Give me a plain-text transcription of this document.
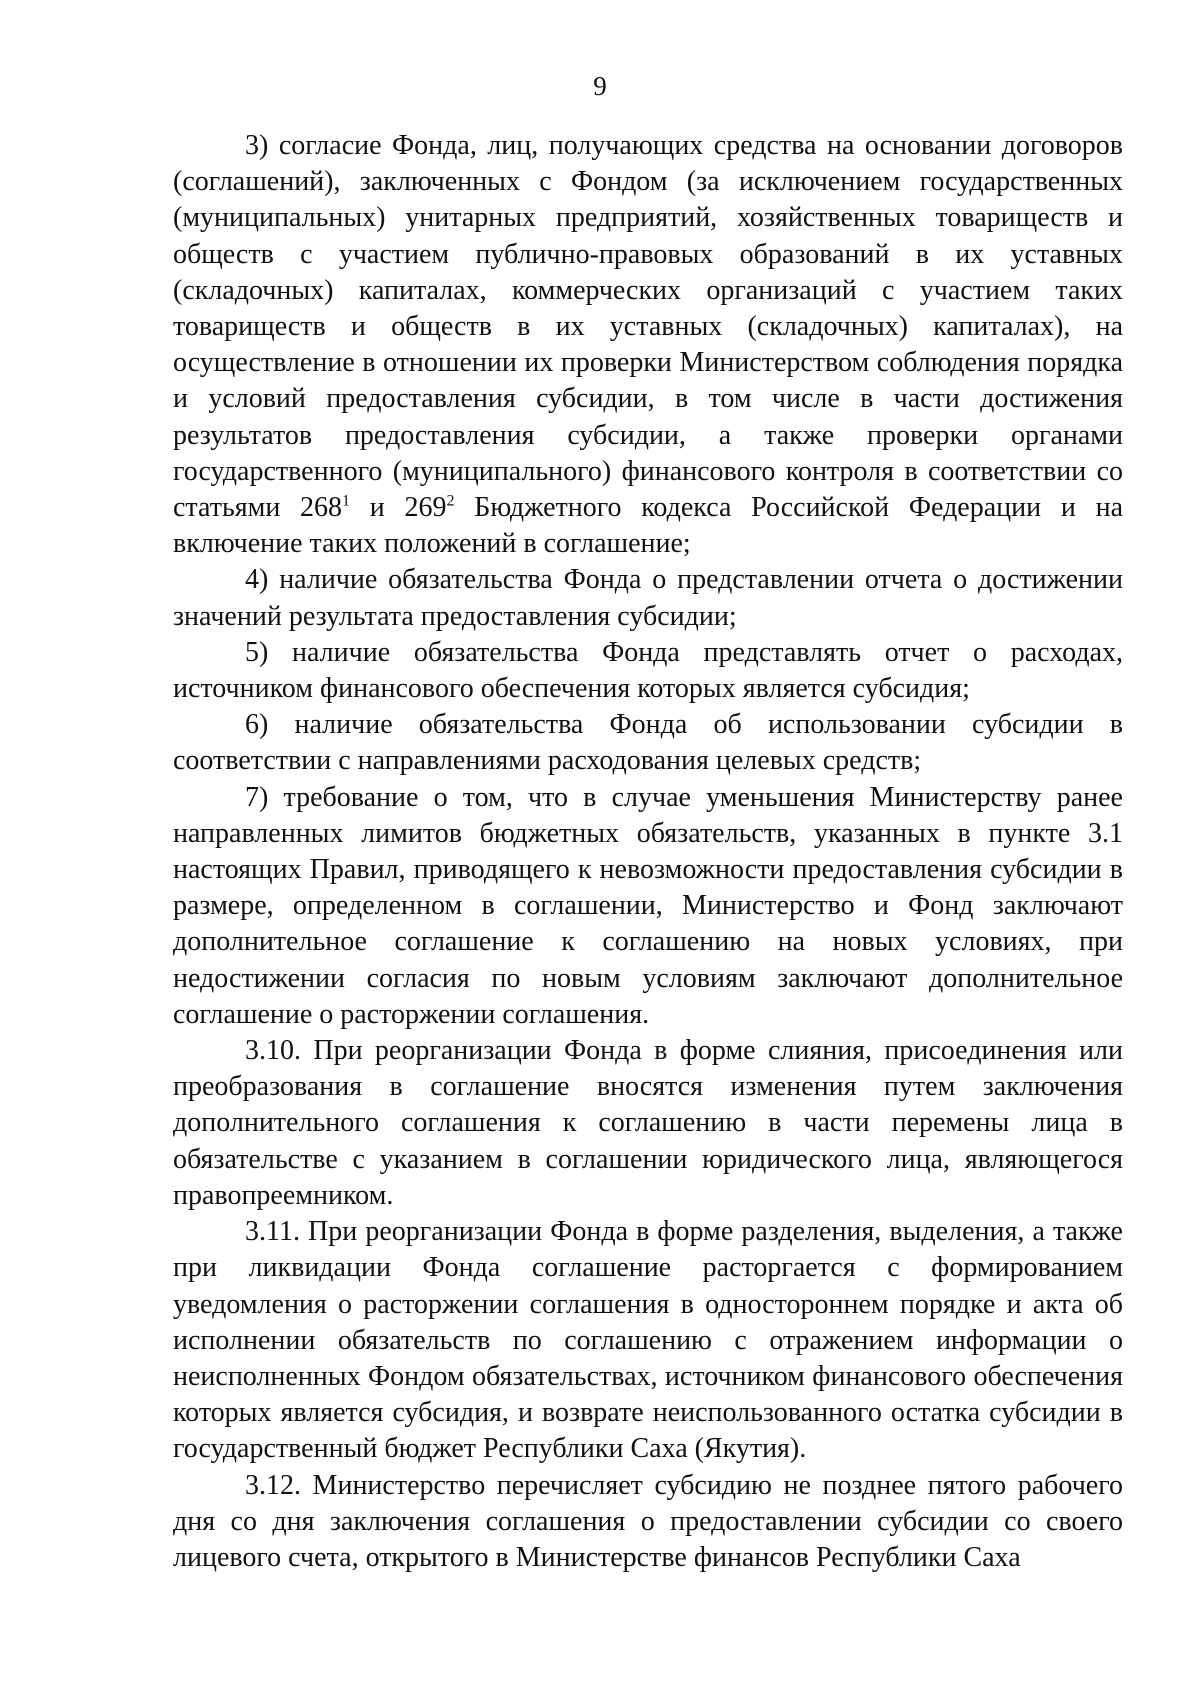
9

3) согласие Фонда, лиц, получающих средства на основании договоров (соглашений), заключенных с Фондом (за исключением государственных (муниципальных) унитарных предприятий, хозяйственных товариществ и обществ с участием публично-правовых образований в их уставных (складочных) капиталах, коммерческих организаций с участием таких товариществ и обществ в их уставных (складочных) капиталах), на осуществление в отношении их проверки Министерством соблюдения порядка и условий предоставления субсидии, в том числе в части достижения результатов предоставления субсидии, а также проверки органами государственного (муниципального) финансового контроля в соответствии со статьями $268^1$ и $269^2$ Бюджетного кодекса Российской Федерации и на включение таких положений в соглашение;

4) наличие обязательства Фонда о представлении отчета о достижении значений результата предоставления субсидии;

5) наличие обязательства Фонда представлять отчет о расходах, источником финансового обеспечения которых является субсидия;

6) наличие обязательства Фонда об использовании субсидии в соответствии с направлениями расходования целевых средств;

7) требование о том, что в случае уменьшения Министерству ранее направленных лимитов бюджетных обязательств, указанных в пункте 3.1 настоящих Правил, приводящего к невозможности предоставления субсидии в размере, определенном в соглашении, Министерство и Фонд заключают дополнительное соглашение к соглашению на новых условиях, при недостижении согласия по новым условиям заключают дополнительное соглашение о расторжении соглашения.

3.10. При реорганизации Фонда в форме слияния, присоединения или преобразования в соглашение вносятся изменения путем заключения дополнительного соглашения к соглашению в части перемены лица в обязательстве с указанием в соглашении юридического лица, являющегося правопреемником.

3.11. При реорганизации Фонда в форме разделения, выделения, а также при ликвидации Фонда соглашение расторгается с формированием уведомления о расторжении соглашения в одностороннем порядке и акта об исполнении обязательств по соглашению с отражением информации о неисполненных Фондом обязательствах, источником финансового обеспечения которых является субсидия, и возврате неиспользованного остатка субсидии в государственный бюджет Республики Саха (Якутия).

3.12. Министерство перечисляет субсидию не позднее пятого рабочего дня со дня заключения соглашения о предоставлении субсидии со своего лицевого счета, открытого в Министерстве финансов Республики Саха
